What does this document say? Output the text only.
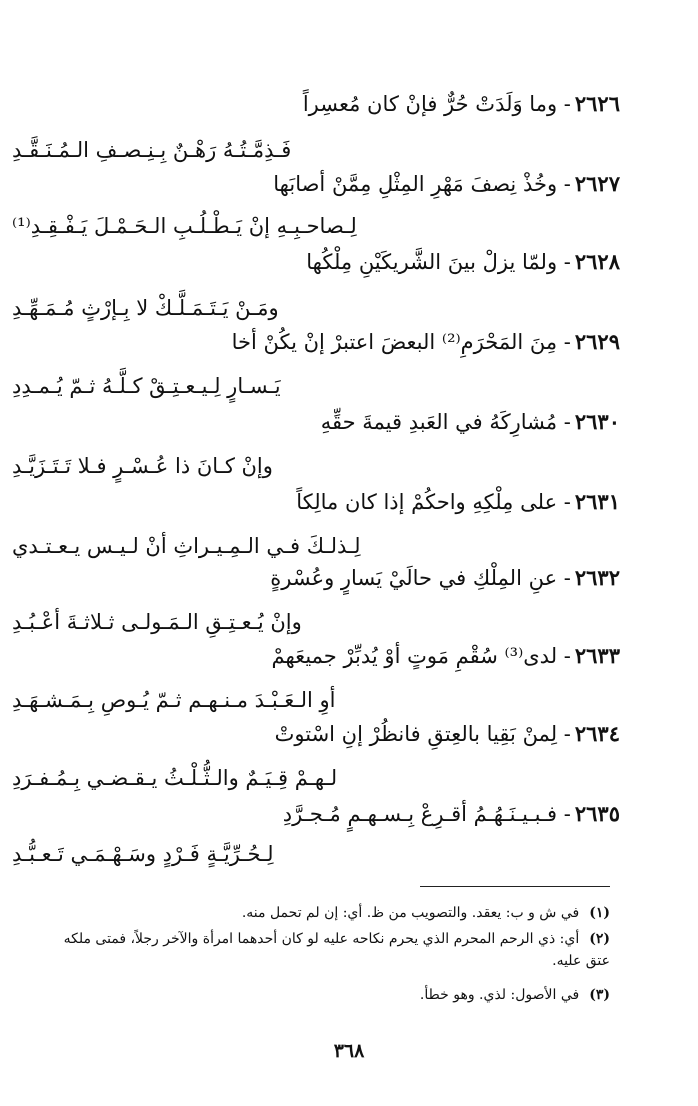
٢٦٢٦- وما وَلَدَتْ حُرٌّ فإنْ كان مُعسِراً
فَـذِمَّـتُـهُ رَهْـنٌ بِـنِـصـفِ الـمُـنَـقَّـدِ
٢٦٢٧- وخُذْ نِصفَ مَهْرِ المِثْلِ مِمَّنْ أصابَها
لِـصاحـبِـهِ إنْ يَـطْـلُـبِ الـحَـمْـلَ يَـفْـقِـدِ⁽¹⁾
٢٦٢٨- ولمّا يزلْ بينَ الشَّريكَيْنِ مِلْكُها
ومَـنْ يَـتَـمَـلَّـكْ لا بِـإرْثٍ مُـمَـهِّـدِ
٢٦٢٩- مِنَ المَحْرَمِ⁽²⁾ البعضَ اعتبرْ إنْ يكُنْ أخا
يَـسـارٍ لِـيـعـتِـقْ كـلَّـهُ ثـمّ يُـمـدِدِ
٢٦٣٠- مُشارِكَهُ في العَبدِ قيمةَ حقِّهِ
وإنْ كـانَ ذا عُـسْـرٍ فـلا تَـتَـزَيَّـدِ
٢٦٣١- على مِلْكِهِ واحكُمْ إذا كان مالِكاً
لِـذلـكَ فـي الـمِـيـراثِ أنْ لـيـس يـعـتـدي
٢٦٣٢- عنِ المِلْكِ في حالَيْ يَسارٍ وعُسْرةٍ
وإنْ يُـعـتِـقِ الـمَـولـى ثـلاثـةَ أعْـبُـدِ
٢٦٣٣- لدى⁽³⁾ سُقْمِ مَوتٍ أوْ يُدبِّرْ جميعَهمْ
أوِ الـعَـبْـدَ مـنـهـم ثـمّ يُـوصِ بِـمَـشـهَـدِ
٢٦٣٤- لِمنْ بَقِيا بالعِتقِ فانظُرْ إنِ اسْتوتْ
لـهـمْ قِـيَـمٌ والـثُّـلْـثُ يـقـضـي بِـمُـفـرَدِ
٢٦٣٥- فـبـيـنَـهُـمُ أقـرِعْ بِـسـهـمٍ مُـجـرَّدِ
لِـحُـرِّيَّـةٍ فَـرْدٍ وسَـهْـمَـي تَـعـبُّـدِ
(١)في ش و ب: يعقد. والتصويب من ظ. أي: إن لم تحمل منه.
(٢)أي: ذي الرحم المحرم الذي يحرم نكاحه عليه لو كان أحدهما امرأة والآخر رجلاً، فمتى ملكه عتق عليه.
(٣)في الأصول: لذي. وهو خطأ.
٣٦٨
